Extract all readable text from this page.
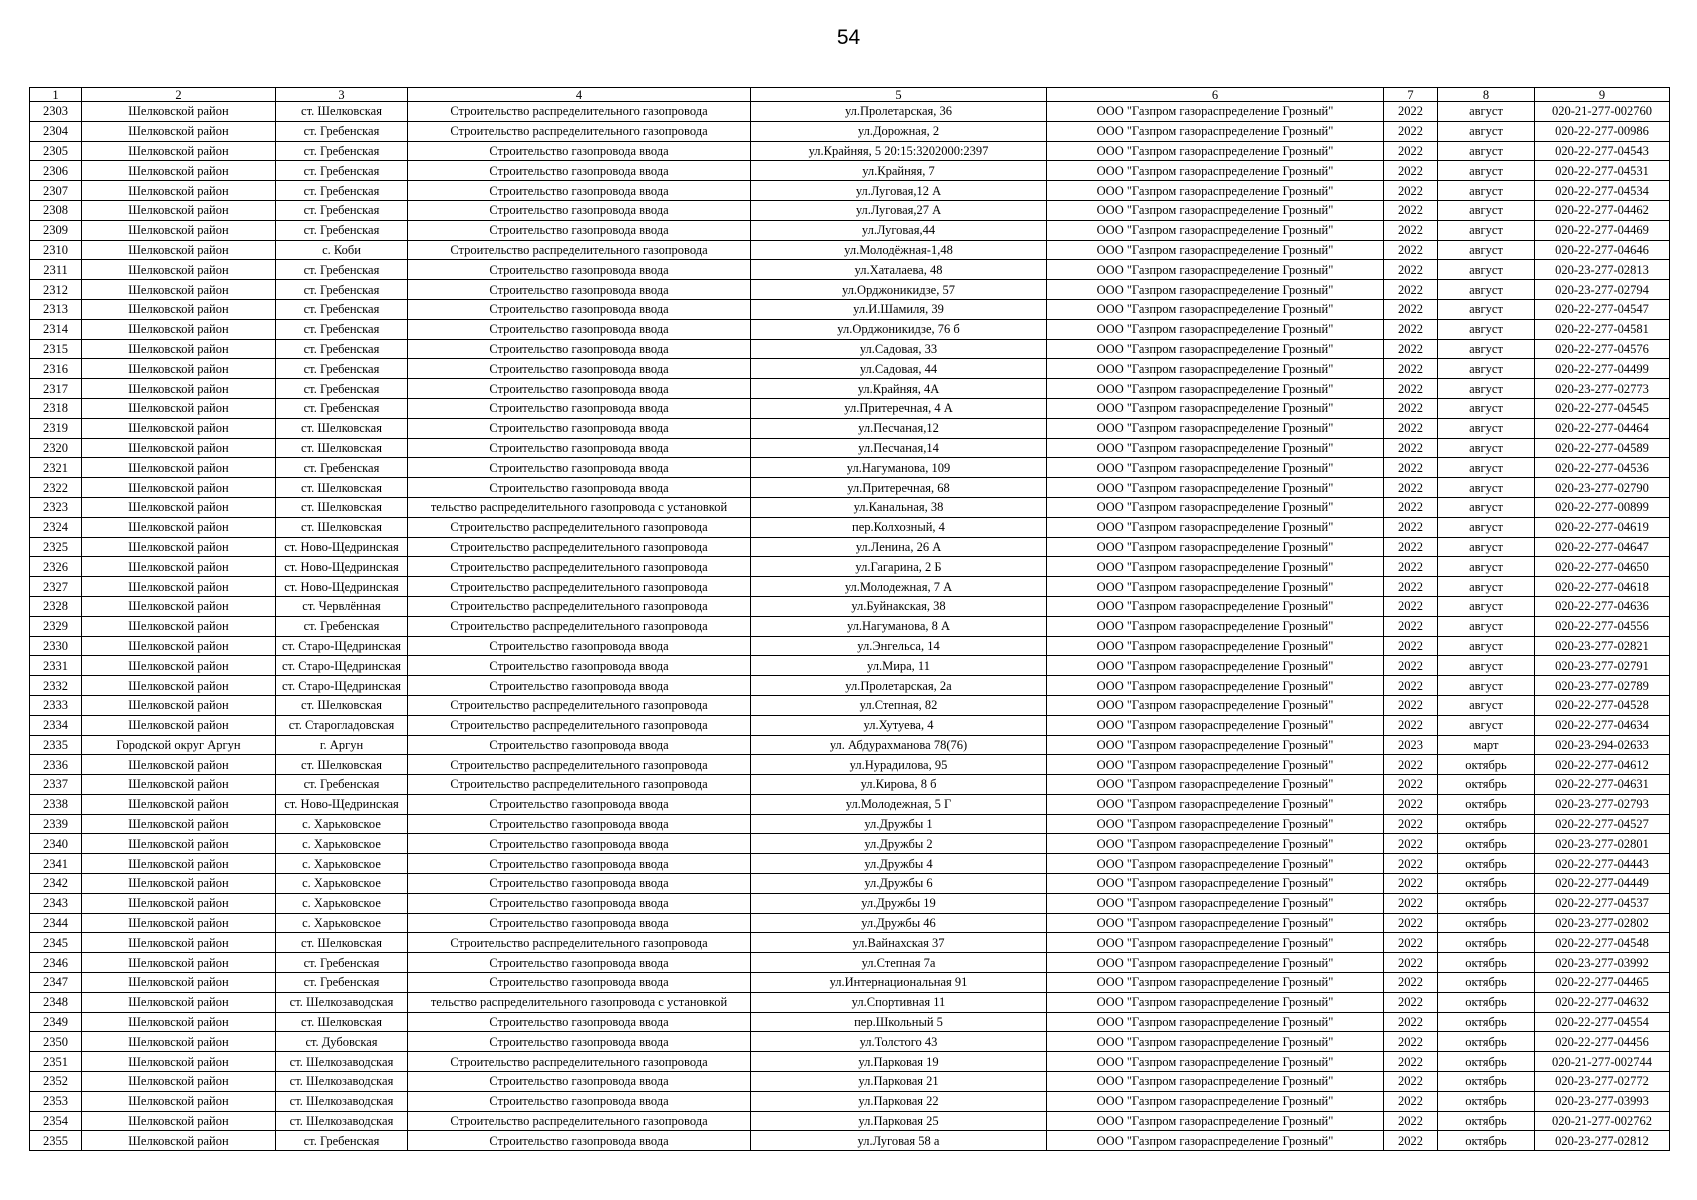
54
1	2	3	4	5	6	7	8	9
2303	Шелковской район	ст. Шелковская	Строительство распределительного газопровода	ул.Пролетарская, 36	ООО "Газпром газораспределение Грозный"	2022	август	020-21-277-002760
2304	Шелковской район	ст. Гребенская	Строительство распределительного газопровода	ул.Дорожная, 2	ООО "Газпром газораспределение Грозный"	2022	август	020-22-277-00986
2305	Шелковской район	ст. Гребенская	Строительство газопровода ввода	ул.Крайняя, 5 20:15:3202000:2397	ООО "Газпром газораспределение Грозный"	2022	август	020-22-277-04543
2306	Шелковской район	ст. Гребенская	Строительство газопровода ввода	ул.Крайняя, 7	ООО "Газпром газораспределение Грозный"	2022	август	020-22-277-04531
2307	Шелковской район	ст. Гребенская	Строительство газопровода ввода	ул.Луговая,12 А	ООО "Газпром газораспределение Грозный"	2022	август	020-22-277-04534
2308	Шелковской район	ст. Гребенская	Строительство газопровода ввода	ул.Луговая,27 А	ООО "Газпром газораспределение Грозный"	2022	август	020-22-277-04462
2309	Шелковской район	ст. Гребенская	Строительство газопровода ввода	ул.Луговая,44	ООО "Газпром газораспределение Грозный"	2022	август	020-22-277-04469
2310	Шелковской район	с. Коби	Строительство распределительного газопровода	ул.Молодёжная-1,48	ООО "Газпром газораспределение Грозный"	2022	август	020-22-277-04646
2311	Шелковской район	ст. Гребенская	Строительство газопровода ввода	ул.Хаталаева, 48	ООО "Газпром газораспределение Грозный"	2022	август	020-23-277-02813
2312	Шелковской район	ст. Гребенская	Строительство газопровода ввода	ул.Орджоникидзе, 57	ООО "Газпром газораспределение Грозный"	2022	август	020-23-277-02794
2313	Шелковской район	ст. Гребенская	Строительство газопровода ввода	ул.И.Шамиля, 39	ООО "Газпром газораспределение Грозный"	2022	август	020-22-277-04547
2314	Шелковской район	ст. Гребенская	Строительство газопровода ввода	ул.Орджоникидзе, 76 б	ООО "Газпром газораспределение Грозный"	2022	август	020-22-277-04581
2315	Шелковской район	ст. Гребенская	Строительство газопровода ввода	ул.Садовая, 33	ООО "Газпром газораспределение Грозный"	2022	август	020-22-277-04576
2316	Шелковской район	ст. Гребенская	Строительство газопровода ввода	ул.Садовая, 44	ООО "Газпром газораспределение Грозный"	2022	август	020-22-277-04499
2317	Шелковской район	ст. Гребенская	Строительство газопровода ввода	ул.Крайняя, 4А	ООО "Газпром газораспределение Грозный"	2022	август	020-23-277-02773
2318	Шелковской район	ст. Гребенская	Строительство газопровода ввода	ул.Притеречная, 4 А	ООО "Газпром газораспределение Грозный"	2022	август	020-22-277-04545
2319	Шелковской район	ст. Шелковская	Строительство газопровода ввода	ул.Песчаная,12	ООО "Газпром газораспределение Грозный"	2022	август	020-22-277-04464
2320	Шелковской район	ст. Шелковская	Строительство газопровода ввода	ул.Песчаная,14	ООО "Газпром газораспределение Грозный"	2022	август	020-22-277-04589
2321	Шелковской район	ст. Гребенская	Строительство газопровода ввода	ул.Нагуманова, 109	ООО "Газпром газораспределение Грозный"	2022	август	020-22-277-04536
2322	Шелковской район	ст. Шелковская	Строительство газопровода ввода	ул.Притеречная, 68	ООО "Газпром газораспределение Грозный"	2022	август	020-23-277-02790
2323	Шелковской район	ст. Шелковская	тельство распределительного газопровода с установкой	ул.Канальная, 38	ООО "Газпром газораспределение Грозный"	2022	август	020-22-277-00899
2324	Шелковской район	ст. Шелковская	Строительство распределительного газопровода	пер.Колхозный, 4	ООО "Газпром газораспределение Грозный"	2022	август	020-22-277-04619
2325	Шелковской район	ст. Ново-Щедринская	Строительство распределительного газопровода	ул.Ленина, 26 А	ООО "Газпром газораспределение Грозный"	2022	август	020-22-277-04647
2326	Шелковской район	ст. Ново-Щедринская	Строительство распределительного газопровода	ул.Гагарина, 2 Б	ООО "Газпром газораспределение Грозный"	2022	август	020-22-277-04650
2327	Шелковской район	ст. Ново-Щедринская	Строительство распределительного газопровода	ул.Молодежная, 7 А	ООО "Газпром газораспределение Грозный"	2022	август	020-22-277-04618
2328	Шелковской район	ст. Червлённая	Строительство распределительного газопровода	ул.Буйнакская, 38	ООО "Газпром газораспределение Грозный"	2022	август	020-22-277-04636
2329	Шелковской район	ст. Гребенская	Строительство распределительного газопровода	ул.Нагуманова, 8 А	ООО "Газпром газораспределение Грозный"	2022	август	020-22-277-04556
2330	Шелковской район	ст. Старо-Щедринская	Строительство газопровода ввода	ул.Энгельса, 14	ООО "Газпром газораспределение Грозный"	2022	август	020-23-277-02821
2331	Шелковской район	ст. Старо-Щедринская	Строительство газопровода ввода	ул.Мира, 11	ООО "Газпром газораспределение Грозный"	2022	август	020-23-277-02791
2332	Шелковской район	ст. Старо-Щедринская	Строительство газопровода ввода	ул.Пролетарская, 2а	ООО "Газпром газораспределение Грозный"	2022	август	020-23-277-02789
2333	Шелковской район	ст. Шелковская	Строительство распределительного газопровода	ул.Степная, 82	ООО "Газпром газораспределение Грозный"	2022	август	020-22-277-04528
2334	Шелковской район	ст. Старогладовская	Строительство распределительного газопровода	ул.Хутуева, 4	ООО "Газпром газораспределение Грозный"	2022	август	020-22-277-04634
2335	Городской округ Аргун	г. Аргун	Строительство газопровода ввода	ул. Абдурахманова 78(76)	ООО "Газпром газораспределение Грозный"	2023	март	020-23-294-02633
2336	Шелковской район	ст. Шелковская	Строительство распределительного газопровода	ул.Нурадилова, 95	ООО "Газпром газораспределение Грозный"	2022	октябрь	020-22-277-04612
2337	Шелковской район	ст. Гребенская	Строительство распределительного газопровода	ул.Кирова, 8 б	ООО "Газпром газораспределение Грозный"	2022	октябрь	020-22-277-04631
2338	Шелковской район	ст. Ново-Щедринская	Строительство газопровода ввода	ул.Молодежная, 5 Г	ООО "Газпром газораспределение Грозный"	2022	октябрь	020-23-277-02793
2339	Шелковской район	с. Харьковское	Строительство газопровода ввода	ул.Дружбы 1	ООО "Газпром газораспределение Грозный"	2022	октябрь	020-22-277-04527
2340	Шелковской район	с. Харьковское	Строительство газопровода ввода	ул.Дружбы 2	ООО "Газпром газораспределение Грозный"	2022	октябрь	020-23-277-02801
2341	Шелковской район	с. Харьковское	Строительство газопровода ввода	ул.Дружбы 4	ООО "Газпром газораспределение Грозный"	2022	октябрь	020-22-277-04443
2342	Шелковской район	с. Харьковское	Строительство газопровода ввода	ул.Дружбы 6	ООО "Газпром газораспределение Грозный"	2022	октябрь	020-22-277-04449
2343	Шелковской район	с. Харьковское	Строительство газопровода ввода	ул.Дружбы 19	ООО "Газпром газораспределение Грозный"	2022	октябрь	020-22-277-04537
2344	Шелковской район	с. Харьковское	Строительство газопровода ввода	ул.Дружбы 46	ООО "Газпром газораспределение Грозный"	2022	октябрь	020-23-277-02802
2345	Шелковской район	ст. Шелковская	Строительство распределительного газопровода	ул.Вайнахская 37	ООО "Газпром газораспределение Грозный"	2022	октябрь	020-22-277-04548
2346	Шелковской район	ст. Гребенская	Строительство газопровода ввода	ул.Степная 7а	ООО "Газпром газораспределение Грозный"	2022	октябрь	020-23-277-03992
2347	Шелковской район	ст. Гребенская	Строительство газопровода ввода	ул.Интернациональная 91	ООО "Газпром газораспределение Грозный"	2022	октябрь	020-22-277-04465
2348	Шелковской район	ст. Шелкозаводская	тельство распределительного газопровода с установкой	ул.Спортивная 11	ООО "Газпром газораспределение Грозный"	2022	октябрь	020-22-277-04632
2349	Шелковской район	ст. Шелковская	Строительство газопровода ввода	пер.Школьный 5	ООО "Газпром газораспределение Грозный"	2022	октябрь	020-22-277-04554
2350	Шелковской район	ст. Дубовская	Строительство газопровода ввода	ул.Толстого 43	ООО "Газпром газораспределение Грозный"	2022	октябрь	020-22-277-04456
2351	Шелковской район	ст. Шелкозаводская	Строительство распределительного газопровода	ул.Парковая 19	ООО "Газпром газораспределение Грозный"	2022	октябрь	020-21-277-002744
2352	Шелковской район	ст. Шелкозаводская	Строительство газопровода ввода	ул.Парковая 21	ООО "Газпром газораспределение Грозный"	2022	октябрь	020-23-277-02772
2353	Шелковской район	ст. Шелкозаводская	Строительство газопровода ввода	ул.Парковая 22	ООО "Газпром газораспределение Грозный"	2022	октябрь	020-23-277-03993
2354	Шелковской район	ст. Шелкозаводская	Строительство распределительного газопровода	ул.Парковая 25	ООО "Газпром газораспределение Грозный"	2022	октябрь	020-21-277-002762
2355	Шелковской район	ст. Гребенская	Строительство газопровода ввода	ул.Луговая 58 а	ООО "Газпром газораспределение Грозный"	2022	октябрь	020-23-277-02812
